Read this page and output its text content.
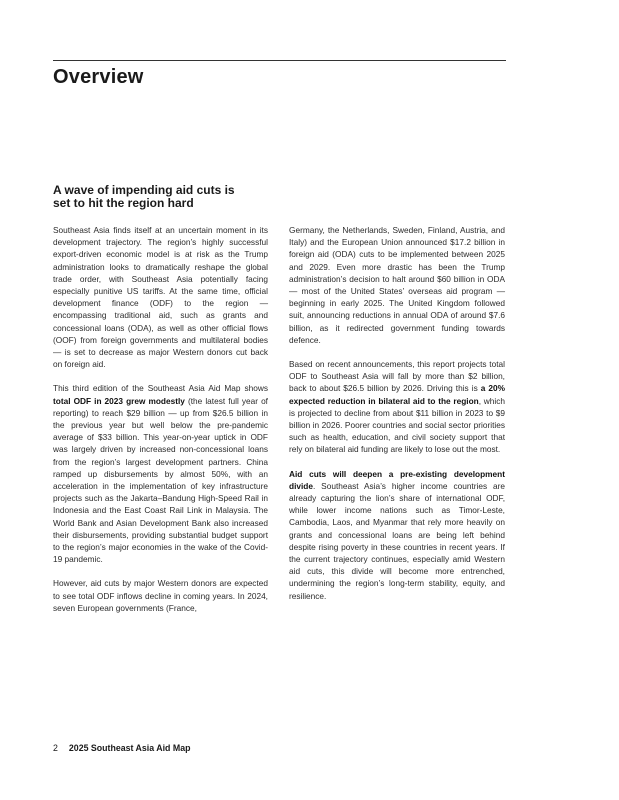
Overview
A wave of impending aid cuts is set to hit the region hard

Southeast Asia finds itself at an uncertain moment in its development trajectory. The region’s highly successful export-driven economic model is at risk as the Trump administration looks to dramatically reshape the global trade order, with Southeast Asia potentially facing especially punitive US tariffs. At the same time, official development finance (ODF) to the region — encompassing traditional aid, such as grants and concessional loans (ODA), as well as other official flows (OOF) from foreign governments and multilateral bodies — is set to decrease as major Western donors cut back on foreign aid.

This third edition of the Southeast Asia Aid Map shows total ODF in 2023 grew modestly (the latest full year of reporting) to reach $29 billion — up from $26.5 billion in the previous year but well below the pre-pandemic average of $33 billion. This year-on-year uptick in ODF was largely driven by increased non-concessional loans from the region’s largest development partners. China ramped up disbursements by almost 50%, with an acceleration in the implementation of key infrastructure projects such as the Jakarta–Bandung High-Speed Rail in Indonesia and the East Coast Rail Link in Malaysia. The World Bank and Asian Development Bank also increased their disbursements, providing substantial budget support to the region’s major economies in the wake of the Covid-19 pandemic.

However, aid cuts by major Western donors are expected to see total ODF inflows decline in coming years. In 2024, seven European governments (France,

Germany, the Netherlands, Sweden, Finland, Austria, and Italy) and the European Union announced $17.2 billion in foreign aid (ODA) cuts to be implemented between 2025 and 2029. Even more drastic has been the Trump administration’s decision to halt around $60 billion in ODA — most of the United States’ overseas aid program — beginning in early 2025. The United Kingdom followed suit, announcing reductions in annual ODA of around $7.6 billion, as it redirected government funding towards defence.

Based on recent announcements, this report projects total ODF to Southeast Asia will fall by more than $2 billion, back to about $26.5 billion by 2026. Driving this is a 20% expected reduction in bilateral aid to the region, which is projected to decline from about $11 billion in 2023 to $9 billion in 2026. Poorer countries and social sector priorities such as health, education, and civil society support that rely on bilateral aid funding are likely to lose out the most.

Aid cuts will deepen a pre-existing development divide. Southeast Asia’s higher income countries are already capturing the lion’s share of international ODF, while lower income nations such as Timor-Leste, Cambodia, Laos, and Myanmar that rely more heavily on grants and concessional loans are being left behind despite rising poverty in these countries in recent years. If the current trajectory continues, especially amid Western aid cuts, this divide will become more entrenched, undermining the region’s long-term stability, equity, and resilience.

2 2025 Southeast Asia Aid Map
